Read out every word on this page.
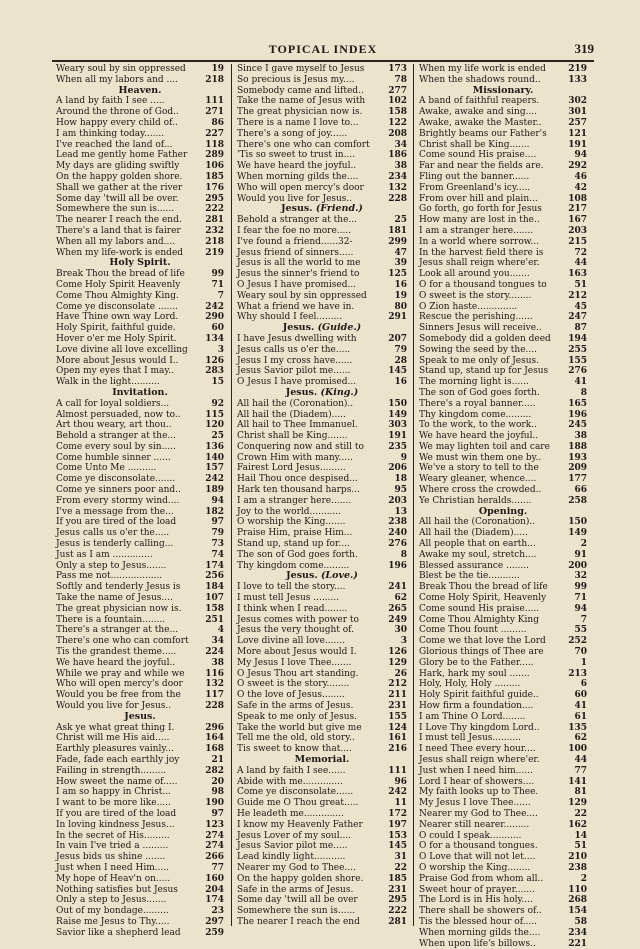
TOPICAL INDEX	319
Weary soul by sin oppressed	19
When all my labors and ....	218
Heaven.
A land by faith I see .....	111
Around the throne of God..	271
How happy every child of..	86
I am thinking today.......	227
I've reached the land of...	118
Lead me gently home Father	289
My days are gliding swiftly	106
On the happy golden shore.	185
Shall we gather at the river	176
Some day 'twill all be over.	295
Somewhere the sun is......	222
The nearer I reach the end.	281
There's a land that is fairer	232
When all my labors and....	218
When my life-work is ended	219
Holy Spirit.
Break Thou the bread of life	99
Come Holy Spirit Heavenly	71
Come Thou Almighty King.	7
Come ye disconsolate .......	242
Have Thine own way Lord.	290
Holy Spirit, faithful guide.	60
Hover o'er me Holy Spirit.	134
Love divine all love excelling	3
More about Jesus would I..	126
Open my eyes that I may..	283
Walk in the light..........	15
Invitation.
A call for loyal soldiers...	92
Almost persuaded, now to..	115
Art thou weary, art thou..	120
Behold a stranger at the...	25
Come every soul by sin.....	136
Come humble sinner ......	140
Come Unto Me ..........	157
Come ye disconsolate.......	242
Come ye sinners poor and..	189
From every stormy wind....	94
I've a message from the...	182
If you are tired of the load	97
Jesus calls us o'er the.....	79
Jesus is tenderly calling...	73
Just as I am ..............	74
Only a step to Jesus.......	174
Pass me not..................	256
Softly and tenderly Jesus is	184
Take the name of Jesus....	107
The great physician now is.	158
There is a fountain........	251
There's a stranger at the...	4
There's one who can comfort	34
Tis the grandest theme.....	224
We have heard the joyful..	38
While we pray and while we	116
Who will open mercy's door	132
Would you be free from the	117
Would you live for Jesus..	228
Jesus.
Ask ye what great thing I.	296
Christ will me His aid.....	164
Earthly pleasures vainly...	168
Fade, fade each earthly joy	21
Failing in strength.........	282
How sweet the name of.....	20
I am so happy in Christ...	98
I want to be more like.....	190
If you are tired of the load	97
In loving kindness Jesus...	123
In the secret of His.........	274
In vain I've tried a .........	274
Jesus bids us shine .......	266
Just when I need Him.....	77
My hope of Heav'n on.....	160
Nothing satisfies but Jesus	204
Only a step to Jesus.......	174
Out of my bondage.........	23
Raise me Jesus to Thy.....	297
Savior like a shepherd lead	259
Since I gave myself to Jesus	173
So precious is Jesus my....	78
Somebody came and lifted..	277
Take the name of Jesus with	102
The great physician now is.	158
There is a name I love to...	122
There's a song of joy......	208
There's one who can comfort	34
'Tis so sweet to trust in....	186
We have heard the joyful..	38
When morning gilds the....	234
Who will open mercy's door	132
Would you live for Jesus..	228
Jesus. (Friend.)
Behold a stranger at the...	25
I fear the foe no more.....	181
I've found a friend......32-	299
Jesus friend of sinners.....	47
Jesus is all the world to me	39
Jesus the sinner's friend to	125
O Jesus I have promised...	16
Weary soul by sin oppressed	19
What a friend we have in.	80
Why should I feel.........	291
Jesus. (Guide.)
I have Jesus dwelling with	207
Jesus calls us o'er the.....	79
Jesus I my cross have......	28
Jesus Savior pilot me......	145
O Jesus I have promised...	16
Jesus. (King.)
All hail the (Coronation)..	150
All hail the (Diadem).....	149
All hail to Thee Immanuel.	303
Christ shall be King.......	191
Conquering now and still to	235
Crown Him with many.....	9
Fairest Lord Jesus.........	206
Hail Thou once despised...	18
Hark ten thousand harps...	95
I am a stranger here.......	203
Joy to the world...........	13
O worship the King.......	238
Praise Him, praise Him...	240
Stand up, stand up for....	276
The son of God goes forth.	8
Thy kingdom come.........	196
Jesus. (Love.)
I love to tell the story....	241
I must tell Jesus .........	62
I think when I read........	265
Jesus comes with power to	249
Jesus the very thought of.	30
Love divine all love.......	3
More about Jesus would I.	126
My Jesus I love Thee.......	129
O Jesus Thou art standing.	26
O sweet is the story........	212
O the love of Jesus........	211
Safe in the arms of Jesus.	231
Speak to me only of Jesus.	155
Take the world but give me	124
Tell me the old, old story..	161
Tis sweet to know that....	216
Memorial.
A land by faith I see......	111
Abide with me..............	96
Come ye disconsolate......	242
Guide me O Thou great.....	11
He leadeth me..............	172
I know my Heavenly Father	197
Jesus Lover of my soul....	153
Jesus Savior pilot me.....	145
Lead kindly light...........	31
Nearer my God to Thee....	22
On the happy golden shore.	185
Safe in the arms of Jesus.	231
Some day 'twill all be over	295
Somewhere the sun is......	222
The nearer I reach the end	281
When my life work is ended	219
When the shadows round..	133
Missionary.
A band of faithful reapers.	302
Awake, awake and sing....	301
Awake, awake the Master..	257
Brightly beams our Father's	121
Christ shall be King.......	191
Come sound His praise....	94
Far and near the fields are.	292
Fling out the banner......	46
From Greenland's icy.....	42
From over hill and plain...	108
Go forth, go forth for Jesus	217
How many are lost in the..	167
I am a stranger here.......	203
In a world where sorrow...	215
In the harvest field there is	72
Jesus shall reign where'er.	44
Look all around you.......	163
O for a thousand tongues to	51
O sweet is the story........	212
O Zion haste..............	45
Rescue the perishing......	247
Sinners Jesus will receive..	87
Somebody did a golden deed	194
Sowing the seed by the....	255
Speak to me only of Jesus.	155
Stand up, stand up for Jesus	276
The morning light is......	41
The son of God goes forth.	8
There's a royal banner.....	165
Thy kingdom come.........	196
To the work, to the work..	245
We have heard the joyful..	38
We may lighten toil and care	188
We must win them one by..	193
We've a story to tell to the	209
Weary gleaner, whence....	177
Where cross the crowded..	66
Ye Christian heralds.......	258
Opening.
All hail the (Coronation)..	150
All hail the (Diadem).....	149
All people that on earth...	2
Awake my soul, stretch....	91
Blessed assurance ........	200
Blest be the tie...........	32
Break Thou the bread of life	99
Come Holy Spirit, Heavenly	71
Come sound His praise.....	94
Come Thou Almighty King	7
Come Thou fount .........	55
Come we that love the Lord	252
Glorious things of Thee are	70
Glory be to the Father.....	1
Hark, hark my soul .......	213
Holy, Holy, Holy .........	6
Holy Spirit faithful guide..	60
How firm a foundation....	41
I am Thine O Lord........	61
I Love Thy kingdom Lord..	135
I must tell Jesus..........	62
I need Thee every hour....	100
Jesus shall reign where'er.	44
Just when I need him......	77
Lord I hear of showers....	141
My faith looks up to Thee.	81
My Jesus I love Thee......	129
Nearer my God to Thee....	22
Nearer still nearer.........	162
O could I speak...........	14
O for a thousand tongues.	51
O Love that will not let....	210
O worship the King........	238
Praise God from whom all..	2
Sweet hour of prayer.......	110
The Lord is in His holy....	268
There shall be showers of..	154
Tis the blessed hour of.....	58
When morning gilds the....	234
When upon life's billows..	221
